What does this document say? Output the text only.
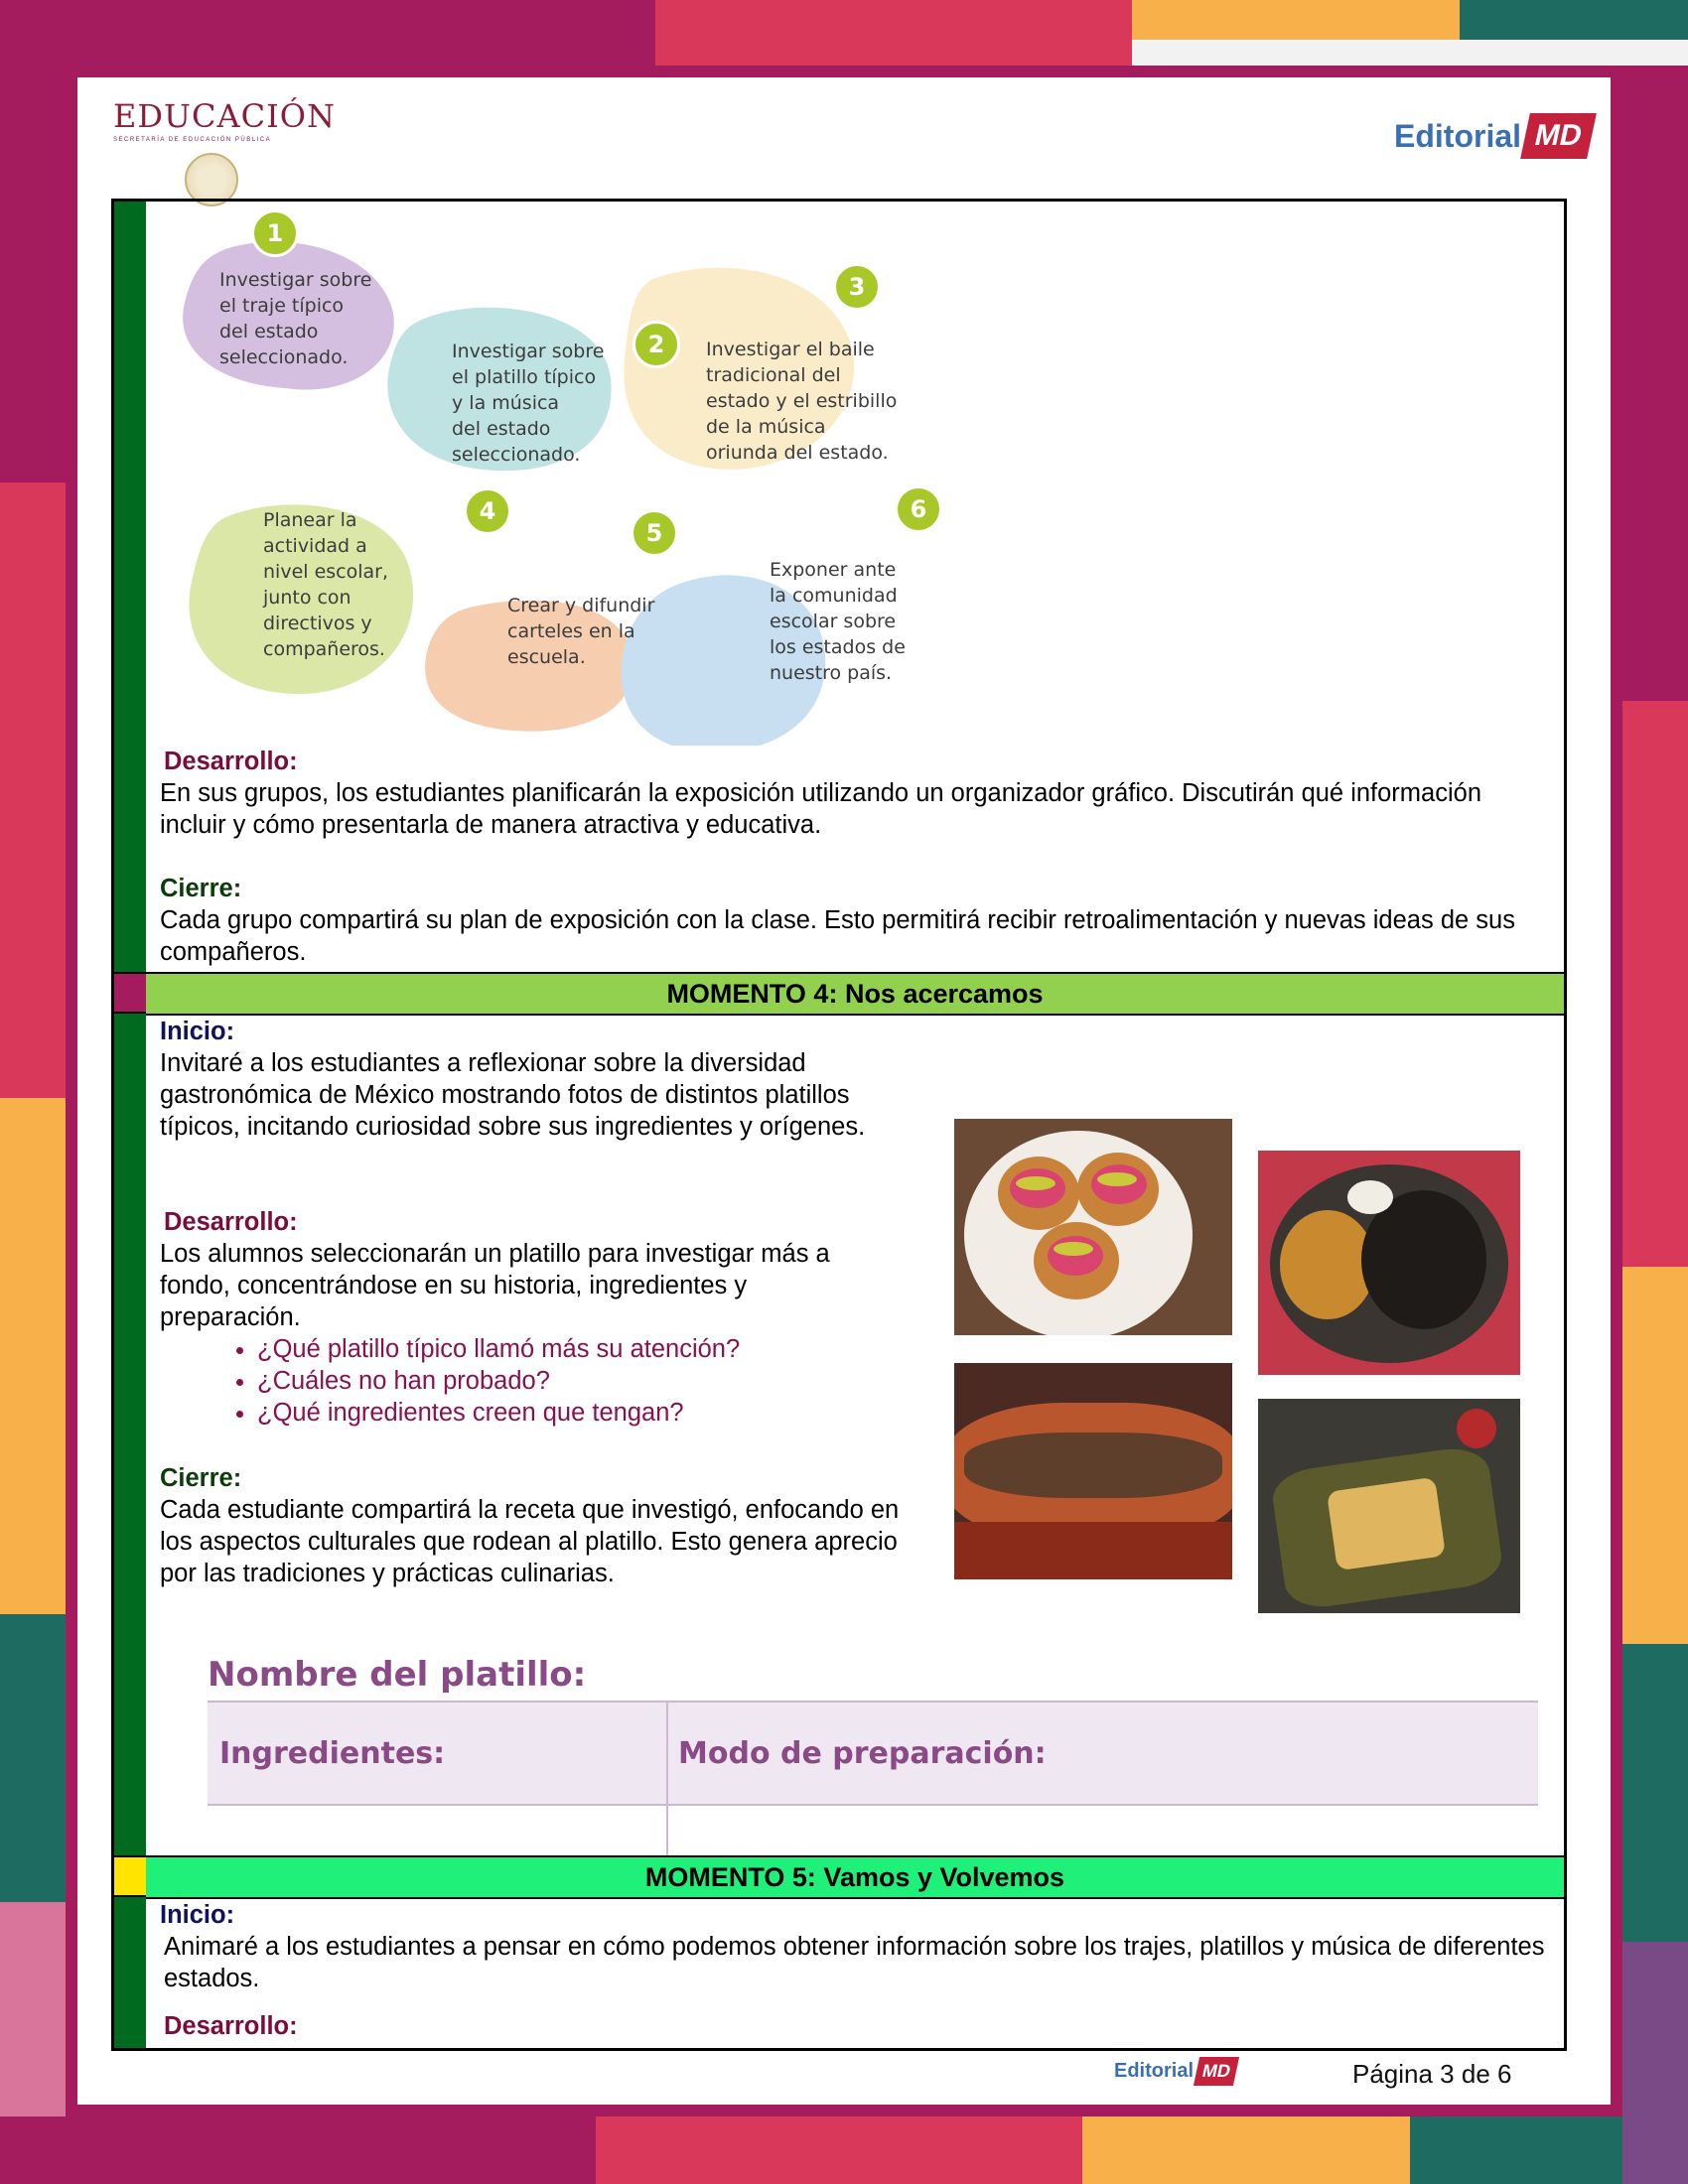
EDUCACIÓN
SECRETARÍA DE EDUCACIÓN PÚBLICA	Editorial MD
Investigar sobre
el traje típico
del estado
seleccionado.	Investigar sobre
el platillo típico
y la música
del estado
seleccionado.
Investigar el baile
tradicional del
estado y el estribillo
de la música
oriunda del estado.
Planear la
actividad a
nivel escolar,
junto con
directivos y
compañeros.
Crear y difundir
carteles en la
escuela.
Exponer ante
la comunidad
escolar sobre
los estados de
nuestro país.
1
2
3
4
5
6
Desarrollo:
En sus grupos, los estudiantes planificarán la exposición utilizando un organizador gráfico. Discutirán qué información incluir y cómo presentarla de manera atractiva y educativa.
Cierre:
Cada grupo compartirá su plan de exposición con la clase. Esto permitirá recibir retroalimentación y nuevas ideas de sus compañeros.
MOMENTO 4: Nos acercamos
Inicio:
Invitaré a los estudiantes a reflexionar sobre la diversidad gastronómica de México mostrando fotos de distintos platillos típicos, incitando curiosidad sobre sus ingredientes y orígenes.
Desarrollo:
Los alumnos seleccionarán un platillo para investigar más a fondo, concentrándose en su historia, ingredientes y preparación.
• ¿Qué platillo típico llamó más su atención?
• ¿Cuáles no han probado?
• ¿Qué ingredientes creen que tengan?
Cierre:
Cada estudiante compartirá la receta que investigó, enfocando en los aspectos culturales que rodean al platillo. Esto genera aprecio por las tradiciones y prácticas culinarias.
Nombre del platillo:
Ingredientes:	Modo de preparación:
MOMENTO 5: Vamos y Volvemos
Inicio:
Animaré a los estudiantes a pensar en cómo podemos obtener información sobre los trajes, platillos y música de diferentes estados.
Desarrollo:
Editorial MD	Página 3 de 6
